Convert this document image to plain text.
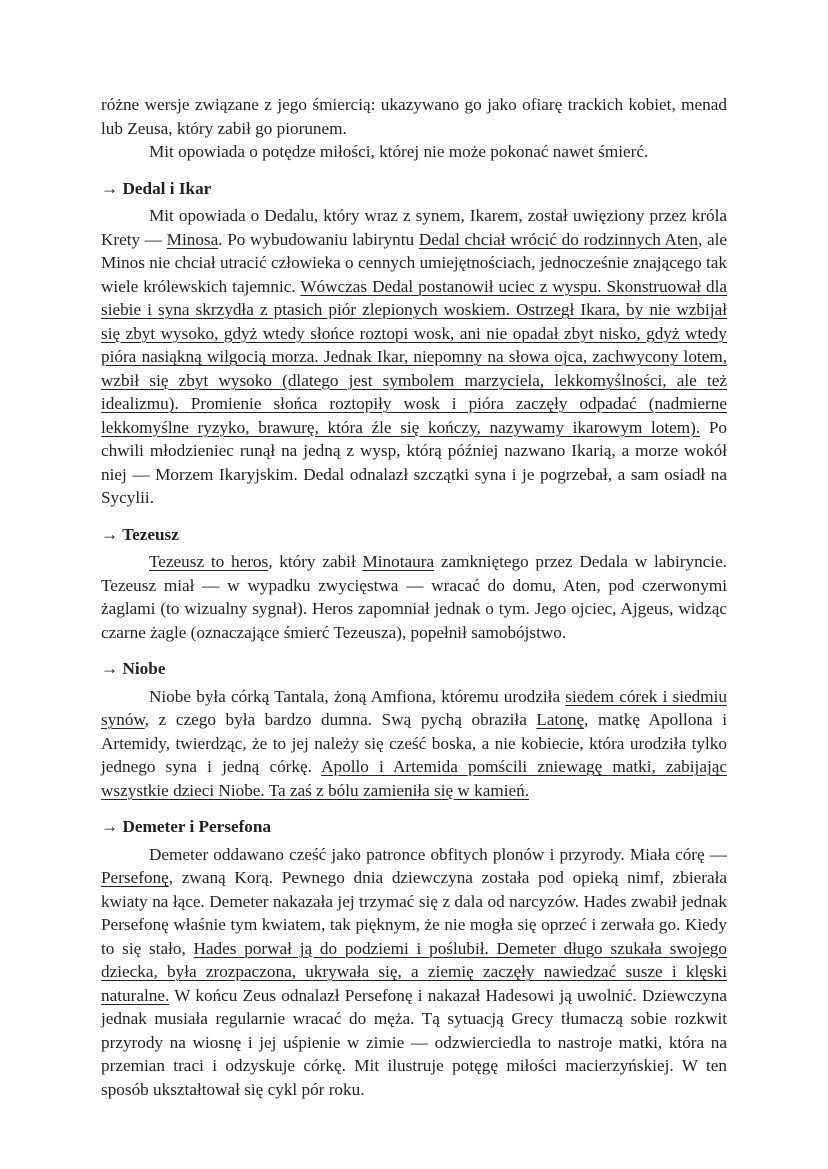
różne wersje związane z jego śmiercią: ukazywano go jako ofiarę trackich kobiet, menad lub Zeusa, który zabił go piorunem.

Mit opowiada o potędze miłości, której nie może pokonać nawet śmierć.

→ Dedal i Ikar

Mit opowiada o Dedalu, który wraz z synem, Ikarem, został uwięziony przez króla Krety — Minosa. Po wybudowaniu labiryntu Dedal chciał wrócić do rodzinnych Aten, ale Minos nie chciał utracić człowieka o cennych umiejętnościach, jednocześnie znającego tak wiele królewskich tajemnic. Wówczas Dedal postanowił uciec z wyspu. Skonstruował dla siebie i syna skrzydła z ptasich piór zlepionych woskiem. Ostrzegł Ikara, by nie wzbijał się zbyt wysoko, gdyż wtedy słońce roztopi wosk, ani nie opadał zbyt nisko, gdyż wtedy pióra nasiąkną wilgocią morza. Jednak Ikar, niepomny na słowa ojca, zachwycony lotem, wzbił się zbyt wysoko (dlatego jest symbolem marzyciela, lekkomyślności, ale też idealizmu). Promienie słońca roztopiły wosk i pióra zaczęły odpadać (nadmierne lekkomyślne ryzyko, brawurę, która źle się kończy, nazywamy ikarowym lotem). Po chwili młodzieniec runął na jedną z wysp, którą później nazwano Ikarią, a morze wokół niej — Morzem Ikaryjskim. Dedal odnalazł szczątki syna i je pogrzebał, a sam osiadł na Sycylii.

→ Tezeusz

Tezeusz to heros, który zabił Minotaura zamkniętego przez Dedala w labiryncie. Tezeusz miał — w wypadku zwycięstwa — wracać do domu, Aten, pod czerwonymi żaglami (to wizualny sygnał). Heros zapomniał jednak o tym. Jego ojciec, Ajgeus, widząc czarne żagle (oznaczające śmierć Tezeusza), popełnił samobójstwo.

→ Niobe

Niobe była córką Tantala, żoną Amfiona, któremu urodziła siedem córek i siedmiu synów, z czego była bardzo dumna. Swą pychą obraziła Latonę, matkę Apollona i Artemidy, twierdząc, że to jej należy się cześć boska, a nie kobiecie, która urodziła tylko jednego syna i jedną córkę. Apollo i Artemida pomścili zniewagę matki, zabijając wszystkie dzieci Niobe. Ta zaś z bólu zamieniła się w kamień.

→ Demeter i Persefona

Demeter oddawano cześć jako patronce obfitych plonów i przyrody. Miała córę — Persefonę, zwaną Korą. Pewnego dnia dziewczyna została pod opieką nimf, zbierała kwiaty na łące. Demeter nakazała jej trzymać się z dala od narcyzów. Hades zwabił jednak Persefonę właśnie tym kwiatem, tak pięknym, że nie mogła się oprzeć i zerwała go. Kiedy to się stało, Hades porwał ją do podziemi i poślubił. Demeter długo szukała swojego dziecka, była zrozpaczona, ukrywała się, a ziemię zaczęły nawiedzać susze i klęski naturalne. W końcu Zeus odnalazł Persefonę i nakazał Hadesowi ją uwolnić. Dziewczyna jednak musiała regularnie wracać do męża. Tą sytuacją Grecy tłumaczą sobie rozkwit przyrody na wiosnę i jej uśpienie w zimie — odzwierciedla to nastroje matki, która na przemian traci i odzyskuje córkę. Mit ilustruje potęgę miłości macierzyńskiej. W ten sposób ukształtował się cykl pór roku.
